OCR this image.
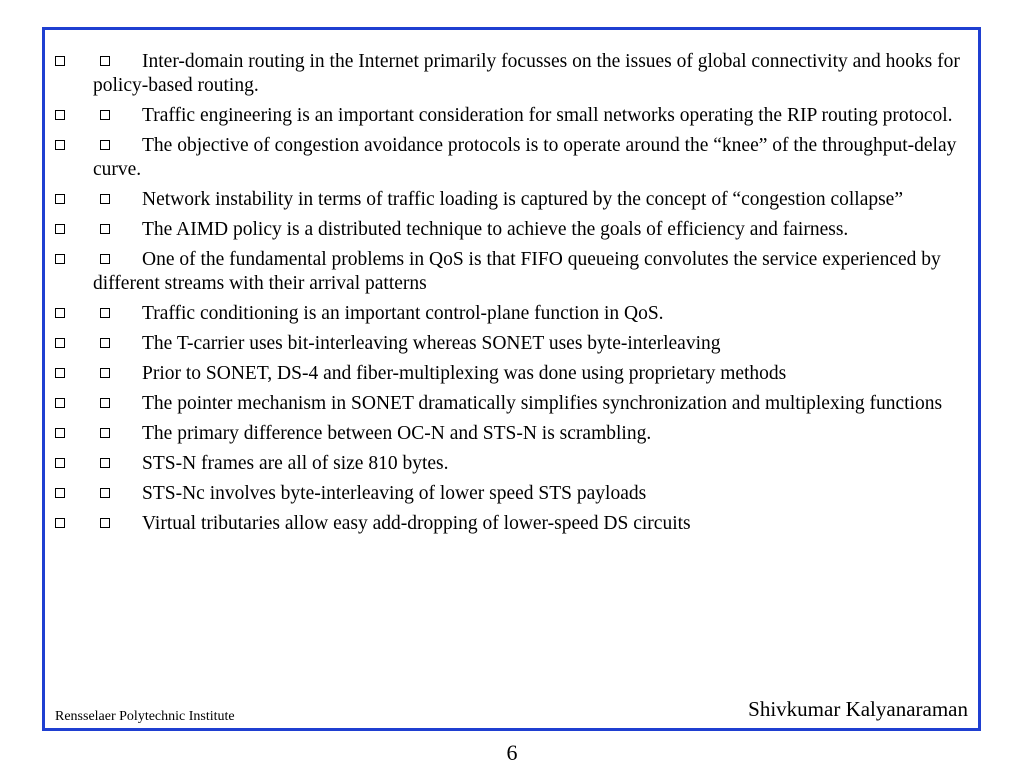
Inter-domain routing in the Internet primarily focusses on the issues of global connectivity and hooks for policy-based routing.
Traffic engineering is an important consideration for small networks operating the RIP routing protocol.
The objective of congestion avoidance protocols is to operate around the “knee” of the throughput-delay curve.
Network instability in terms of traffic loading is captured by the concept of “congestion collapse”
The AIMD policy is a distributed technique to achieve the goals of efficiency and fairness.
One of the fundamental problems in QoS is that FIFO queueing convolutes the service experienced by different streams with their arrival patterns
Traffic conditioning is an important control-plane function in QoS.
The T-carrier uses bit-interleaving whereas SONET uses byte-interleaving
Prior to SONET, DS-4 and fiber-multiplexing was done using proprietary methods
The pointer mechanism in SONET dramatically simplifies synchronization and multiplexing functions
The primary difference between OC-N and STS-N is scrambling.
STS-N frames are all of size 810 bytes.
STS-Nc involves byte-interleaving of lower speed STS payloads
Virtual tributaries allow easy add-dropping of lower-speed DS circuits
Rensselaer Polytechnic Institute	Shivkumar Kalyanaraman
6
